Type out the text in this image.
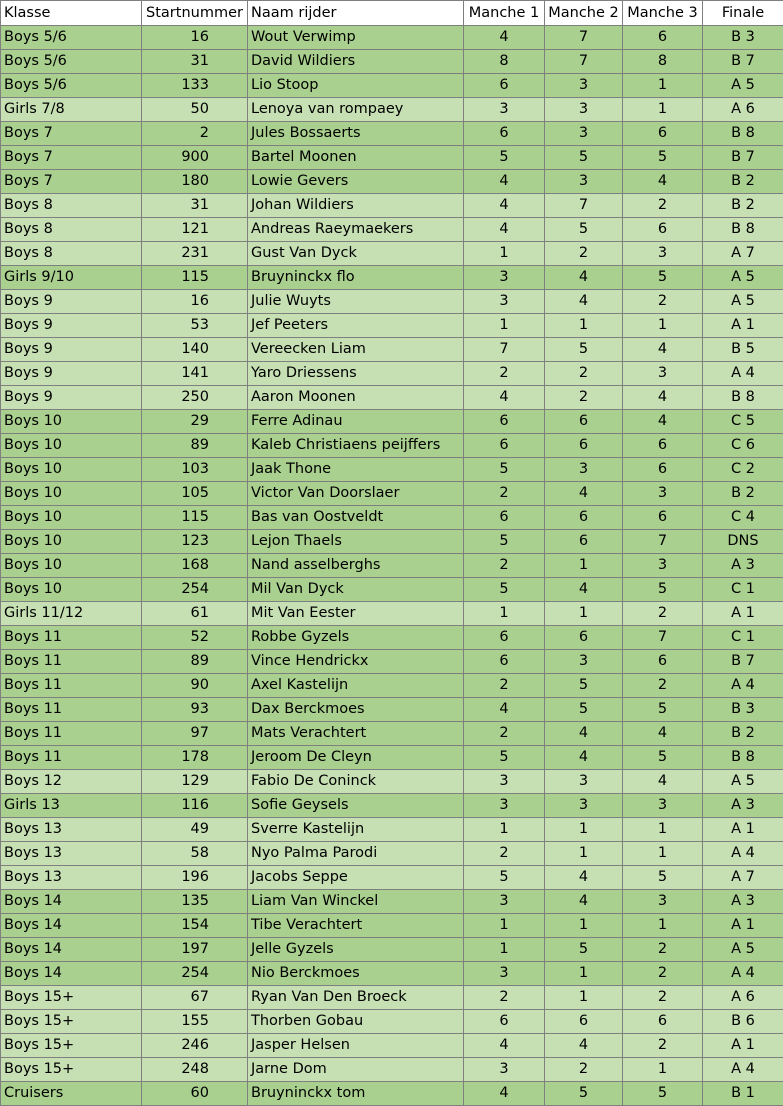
Klasse	Startnummer	Naam rijder	Manche 1	Manche 2	Manche 3	Finale
Boys 5/6	16	Wout Verwimp	4	7	6	B 3
Boys 5/6	31	David Wildiers	8	7	8	B 7
Boys 5/6	133	Lio Stoop	6	3	1	A 5
Girls 7/8	50	Lenoya van rompaey	3	3	1	A 6
Boys 7	2	Jules Bossaerts	6	3	6	B 8
Boys 7	900	Bartel Moonen	5	5	5	B 7
Boys 7	180	Lowie Gevers	4	3	4	B 2
Boys 8	31	Johan Wildiers	4	7	2	B 2
Boys 8	121	Andreas Raeymaekers	4	5	6	B 8
Boys 8	231	Gust Van Dyck	1	2	3	A 7
Girls 9/10	115	Bruyninckx flo	3	4	5	A 5
Boys 9	16	Julie Wuyts	3	4	2	A 5
Boys 9	53	Jef Peeters	1	1	1	A 1
Boys 9	140	Vereecken Liam	7	5	4	B 5
Boys 9	141	Yaro Driessens	2	2	3	A 4
Boys 9	250	Aaron Moonen	4	2	4	B 8
Boys 10	29	Ferre Adinau	6	6	4	C 5
Boys 10	89	Kaleb Christiaens peijffers	6	6	6	C 6
Boys 10	103	Jaak Thone	5	3	6	C 2
Boys 10	105	Victor Van Doorslaer	2	4	3	B 2
Boys 10	115	Bas van Oostveldt	6	6	6	C 4
Boys 10	123	Lejon Thaels	5	6	7	DNS
Boys 10	168	Nand asselberghs	2	1	3	A 3
Boys 10	254	Mil Van Dyck	5	4	5	C 1
Girls 11/12	61	Mit Van Eester	1	1	2	A 1
Boys 11	52	Robbe Gyzels	6	6	7	C 1
Boys 11	89	Vince Hendrickx	6	3	6	B 7
Boys 11	90	Axel Kastelijn	2	5	2	A 4
Boys 11	93	Dax Berckmoes	4	5	5	B 3
Boys 11	97	Mats Verachtert	2	4	4	B 2
Boys 11	178	Jeroom De Cleyn	5	4	5	B 8
Boys 12	129	Fabio De Coninck	3	3	4	A 5
Girls 13	116	Sofie Geysels	3	3	3	A 3
Boys 13	49	Sverre Kastelijn	1	1	1	A 1
Boys 13	58	Nyo Palma Parodi	2	1	1	A 4
Boys 13	196	Jacobs Seppe	5	4	5	A 7
Boys 14	135	Liam Van Winckel	3	4	3	A 3
Boys 14	154	Tibe Verachtert	1	1	1	A 1
Boys 14	197	Jelle Gyzels	1	5	2	A 5
Boys 14	254	Nio Berckmoes	3	1	2	A 4
Boys 15+	67	Ryan Van Den Broeck	2	1	2	A 6
Boys 15+	155	Thorben Gobau	6	6	6	B 6
Boys 15+	246	Jasper Helsen	4	4	2	A 1
Boys 15+	248	Jarne Dom	3	2	1	A 4
Cruisers	60	Bruyninckx tom	4	5	5	B 1
